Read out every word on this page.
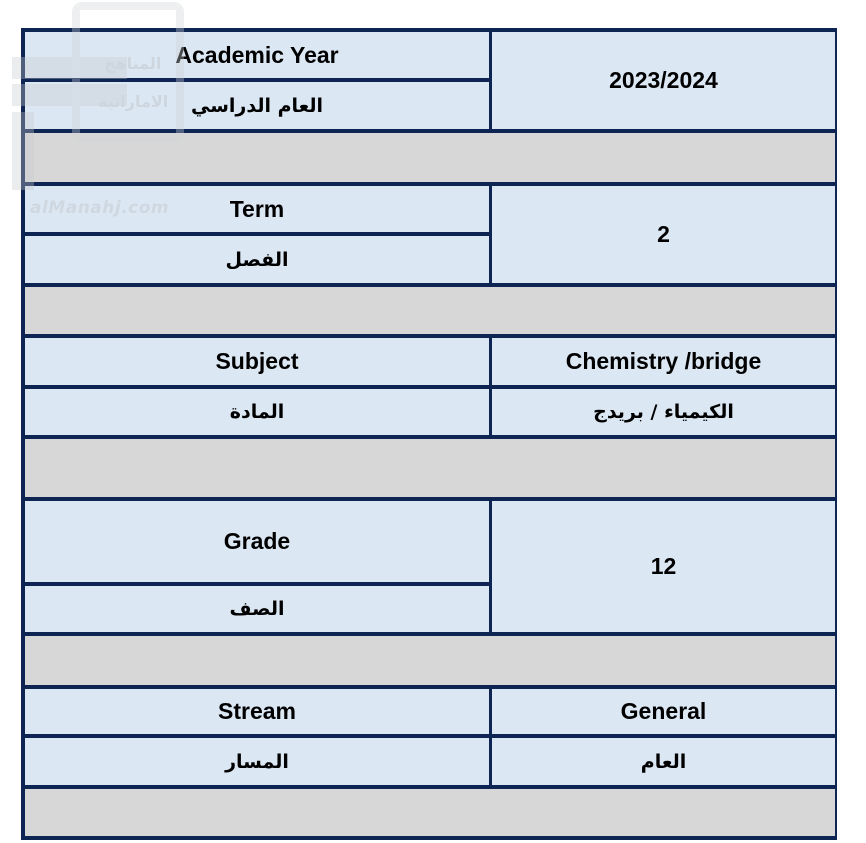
المناهج
الاماراتية
alManahj.com
Academic Year
العام الدراسي
2023/2024
Term
الفصل
2
Subject
المادة
Chemistry /bridge
الكيمياء / بريدج
Grade
الصف
12
Stream
المسار
General
العام
